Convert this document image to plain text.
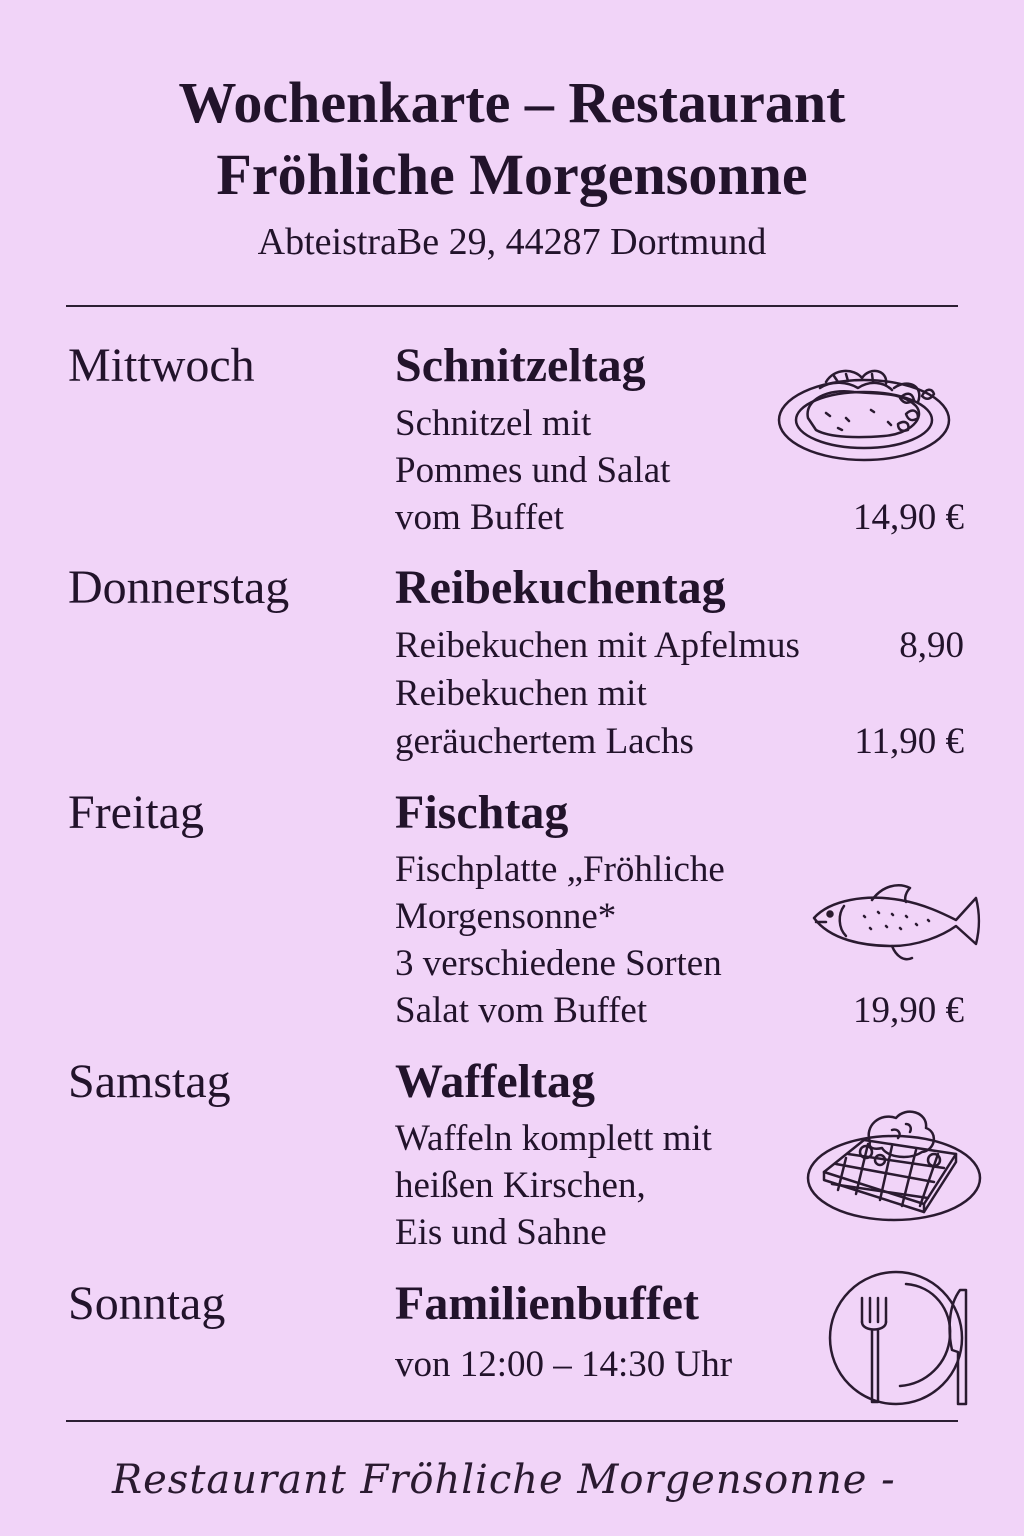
Wochenkarte – Restaurant
Fröhliche Morgensonne
AbteistraBe 29, 44287 Dortmund
Mittwoch	Schnitzeltag
Schnitzel mit
Pommes und Salat
vom Buffet	14,90 €
Donnerstag Reibekuchentag
Reibekuchen mit Apfelmus	8,90
Reibekuchen mit
geräuchertem Lachs	11,90 €
Freitag	Fischtag
Fischplatte „Fröhliche
Morgensonne*
3 verschiedene Sorten
Salat vom Buffet	19,90 €
Samstag	Waffeltag
Waffeln komplett mit
heißen Kirschen,
Eis und Sahne
Sonntag	Familienbuffet
von 12:00 – 14:30 Uhr
Restaurant Fröhliche Morgensonne -
